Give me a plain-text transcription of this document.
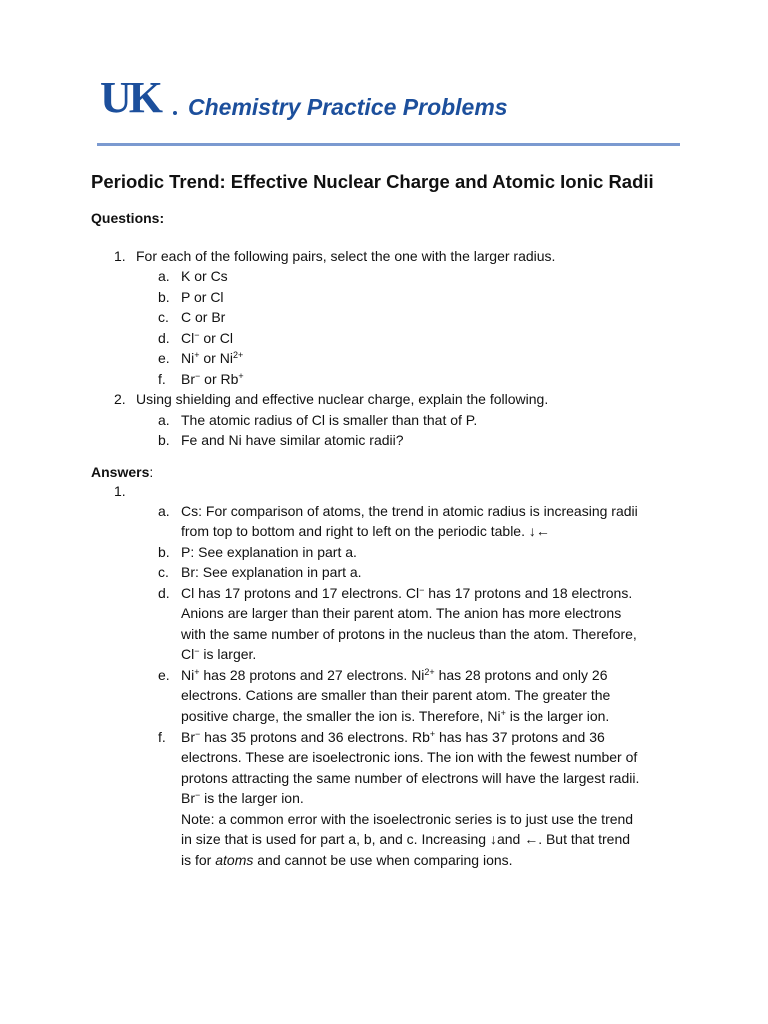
UK Chemistry Practice Problems
Periodic Trend: Effective Nuclear Charge and Atomic Ionic Radii
Questions:
1. For each of the following pairs, select the one with the larger radius.
a. K or Cs
b. P or Cl
c. C or Br
d. Cl− or Cl
e. Ni+ or $Ni^{2+}$
f. Br− or Rb+
2. Using shielding and effective nuclear charge, explain the following.
a. The atomic radius of Cl is smaller than that of P.
b. Fe and Ni have similar atomic radii?
Answers:
1.
a. Cs: For comparison of atoms, the trend in atomic radius is increasing radii
from top to bottom and right to left on the periodic table. ↓←
b. P: See explanation in part a.
c. Br: See explanation in part a.
d. Cl has 17 protons and 17 electrons. Cl− has 17 protons and 18 electrons.
Anions are larger than their parent atom. The anion has more electrons
with the same number of protons in the nucleus than the atom. Therefore,
Cl− is larger.
e. Ni+ has 28 protons and 27 electrons. $Ni^{2+}$ has 28 protons and only 26
electrons. Cations are smaller than their parent atom. The greater the
positive charge, the smaller the ion is. Therefore, Ni+ is the larger ion.
f. Br− has 35 protons and 36 electrons. Rb+ has has 37 protons and 36
electrons. These are isoelectronic ions. The ion with the fewest number of
protons attracting the same number of electrons will have the largest radii.
Br− is the larger ion.
Note: a common error with the isoelectronic series is to just use the trend
in size that is used for part a, b, and c. Increasing ↓and ←. But that trend
is for atoms and cannot be use when comparing ions.
